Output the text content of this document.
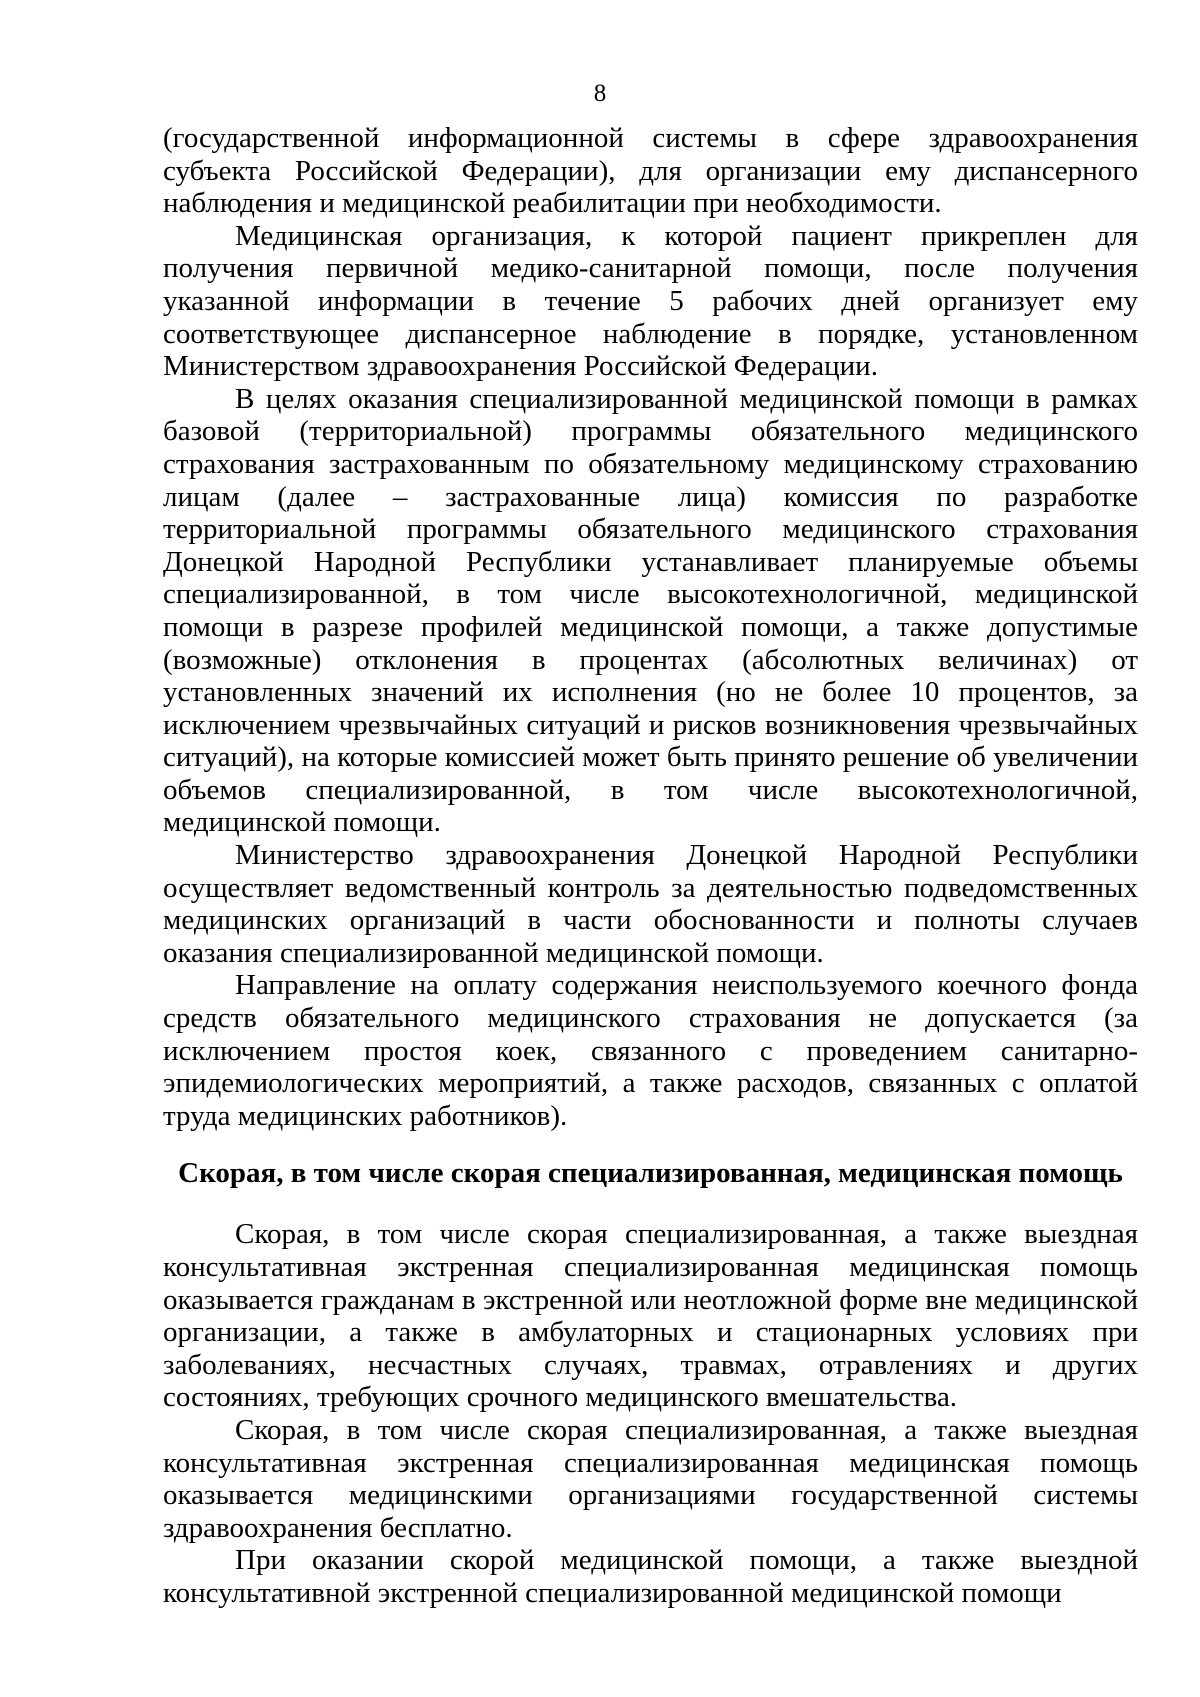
8

(государственной информационной системы в сфере здравоохранения субъекта Российской Федерации), для организации ему диспансерного наблюдения и медицинской реабилитации при необходимости.

Медицинская организация, к которой пациент прикреплен для получения первичной медико-санитарной помощи, после получения указанной информации в течение 5 рабочих дней организует ему соответствующее диспансерное наблюдение в порядке, установленном Министерством здравоохранения Российской Федерации.

В целях оказания специализированной медицинской помощи в рамках базовой (территориальной) программы обязательного медицинского страхования застрахованным по обязательному медицинскому страхованию лицам (далее – застрахованные лица) комиссия по разработке территориальной программы обязательного медицинского страхования Донецкой Народной Республики устанавливает планируемые объемы специализированной, в том числе высокотехнологичной, медицинской помощи в разрезе профилей медицинской помощи, а также допустимые (возможные) отклонения в процентах (абсолютных величинах) от установленных значений их исполнения (но не более 10 процентов, за исключением чрезвычайных ситуаций и рисков возникновения чрезвычайных ситуаций), на которые комиссией может быть принято решение об увеличении объемов специализированной, в том числе высокотехнологичной, медицинской помощи.

Министерство здравоохранения Донецкой Народной Республики осуществляет ведомственный контроль за деятельностью подведомственных медицинских организаций в части обоснованности и полноты случаев оказания специализированной медицинской помощи.

Направление на оплату содержания неиспользуемого коечного фонда средств обязательного медицинского страхования не допускается (за исключением простоя коек, связанного с проведением санитарно-эпидемиологических мероприятий, а также расходов, связанных с оплатой труда медицинских работников).

Скорая, в том числе скорая специализированная, медицинская помощь

Скорая, в том числе скорая специализированная, а также выездная консультативная экстренная специализированная медицинская помощь оказывается гражданам в экстренной или неотложной форме вне медицинской организации, а также в амбулаторных и стационарных условиях при заболеваниях, несчастных случаях, травмах, отравлениях и других состояниях, требующих срочного медицинского вмешательства.

Скорая, в том числе скорая специализированная, а также выездная консультативная экстренная специализированная медицинская помощь оказывается медицинскими организациями государственной системы здравоохранения бесплатно.

При оказании скорой медицинской помощи, а также выездной консультативной экстренной специализированной медицинской помощи
